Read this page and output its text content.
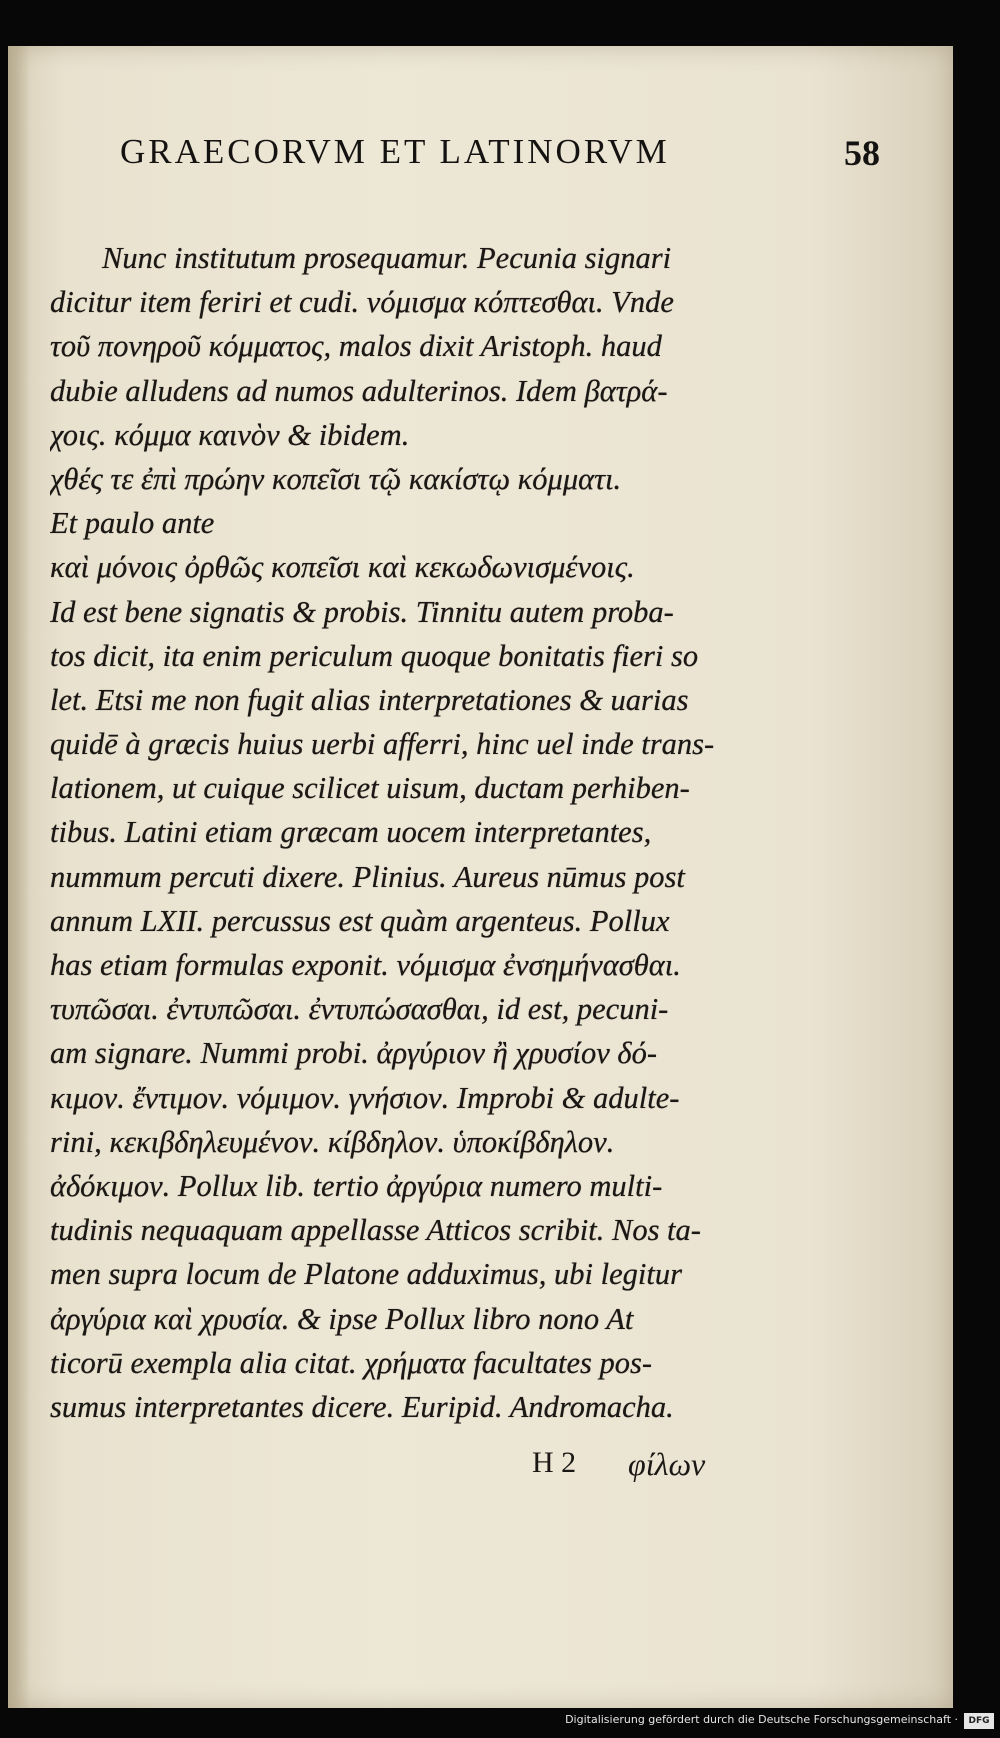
GRAECORVM ET LATINORVM	58
Nunc institutum prosequamur. Pecunia signari
dicitur item feriri et cudi. νόμισμα κόπτεσθαι. Vnde
τοῦ πονηροῦ κόμματος, malos dixit Aristoph. haud
dubie alludens ad numos adulterinos. Idem βατρά-
χοις. κόμμα καινὸν & ibidem.
χθές τε ἐπὶ πρώην κοπεῖσι τῷ κακίστῳ κόμματι.
Et paulo ante
καὶ μόνοις ὀρθῶς κοπεῖσι καὶ κεκωδωνισμένοις.
Id est bene signatis & probis. Tinnitu autem proba-
tos dicit, ita enim periculum quoque bonitatis fieri so
let. Etsi me non fugit alias interpretationes & uarias
quidē à græcis huius uerbi afferri, hinc uel inde trans-
lationem, ut cuique scilicet uisum, ductam perhiben-
tibus. Latini etiam græcam uocem interpretantes,
nummum percuti dixere. Plinius. Aureus nūmus post
annum LXII. percussus est quàm argenteus. Pollux
has etiam formulas exponit. νόμισμα ἐνσημήνασθαι.
τυπῶσαι. ἐντυπῶσαι. ἐντυπώσασθαι, id est, pecuni-
am signare. Nummi probi. ἀργύριον ἢ χρυσίον δό-
κιμον. ἔντιμον. νόμιμον. γνήσιον. Improbi & adulte-
rini, κεκιβδηλευμένον. κίβδηλον. ὑποκίβδηλον.
ἀδόκιμον. Pollux lib. tertio ἀργύρια numero multi-
tudinis nequaquam appellasse Atticos scribit. Nos ta-
men supra locum de Platone adduximus, ubi legitur
ἀργύρια καὶ χρυσία. & ipse Pollux libro nono At
ticorū exempla alia citat. χρήματα facultates pos-
sumus interpretantes dicere. Euripid. Andromacha.
H 2 φίλων
Digitalisierung gefördert durch die Deutsche Forschungsgemeinschaft ·	DFG
